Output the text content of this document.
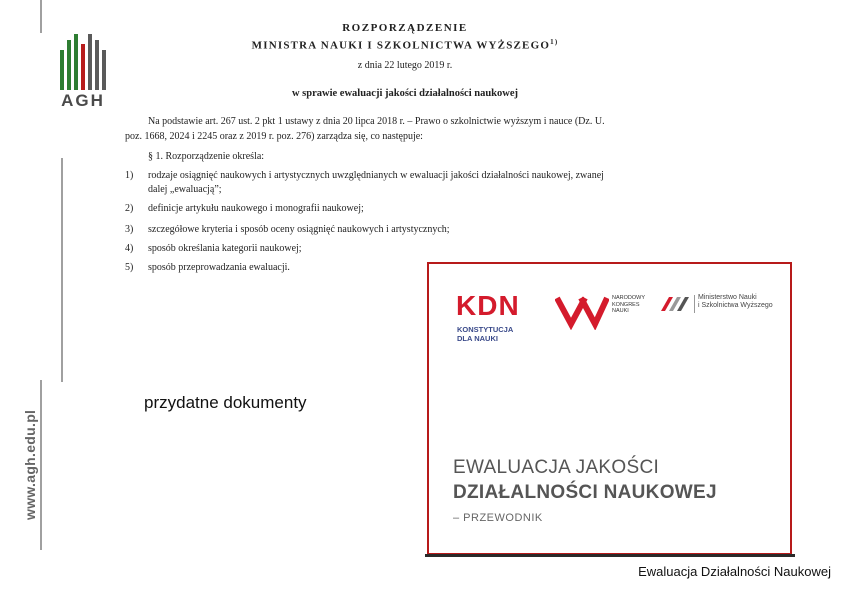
AGH
www.agh.edu.pl
ROZPORZĄDZENIE
MINISTRA NAUKI I SZKOLNICTWA WYŻSZEGO$^{1)}$
z dnia 22 lutego 2019 r.
w sprawie ewaluacji jakości działalności naukowej
Na podstawie art. 267 ust. 2 pkt 1 ustawy z dnia 20 lipca 2018 r. – Prawo o szkolnictwie wyższym i nauce (Dz. U.
poz. 1668, 2024 i 2245 oraz z 2019 r. poz. 276) zarządza się, co następuje:
§ 1. Rozporządzenie określa:
1) rodzaje osiągnięć naukowych i artystycznych uwzględnianych w ewaluacji jakości działalności naukowej, zwanej
dalej „ewaluacją”;
2) definicje artykułu naukowego i monografii naukowej;
3) szczegółowe kryteria i sposób oceny osiągnięć naukowych i artystycznych;
4) sposób określania kategorii naukowej;
5) sposób przeprowadzania ewaluacji.
przydatne dokumenty
KDN
KONSTYTUCJA
DLA NAUKI
NARODOWY
KONGRES
NAUKI
Ministerstwo Nauki
i Szkolnictwa Wyższego
EWALUACJA JAKOŚCI
DZIAŁALNOŚCI NAUKOWEJ
– PRZEWODNIK
Ewaluacja Działalności Naukowej
